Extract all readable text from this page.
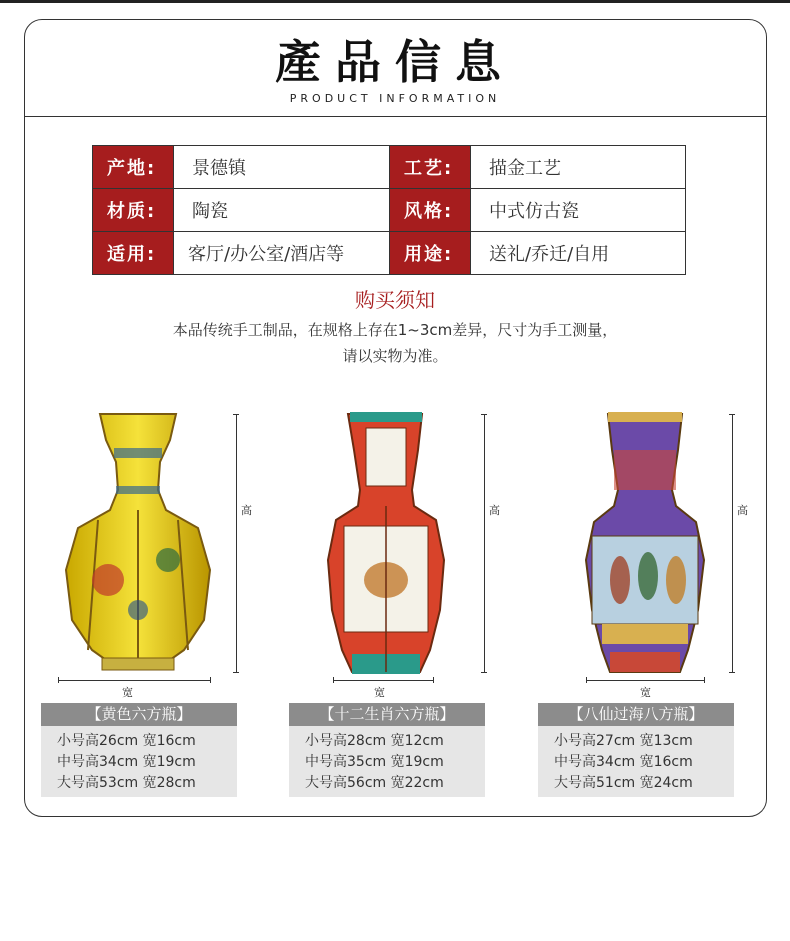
產品信息
PRODUCT INFORMATION
产地:	景德镇	工艺:	描金工艺
材质:	陶瓷	风格:	中式仿古瓷
适用:	客厅/办公室/酒店等	用途:	送礼/乔迁/自用
购买须知
本品传统手工制品，在规格上存在1~3cm差异，尺寸为手工测量，
请以实物为准。
高
宽
【黄色六方瓶】
小号高26cm 宽16cm
中号高34cm 宽19cm
大号高53cm 宽28cm
高
宽
【十二生肖六方瓶】
小号高28cm 宽12cm
中号高35cm 宽19cm
大号高56cm 宽22cm
高
宽
【八仙过海八方瓶】
小号高27cm 宽13cm
中号高34cm 宽16cm
大号高51cm 宽24cm
